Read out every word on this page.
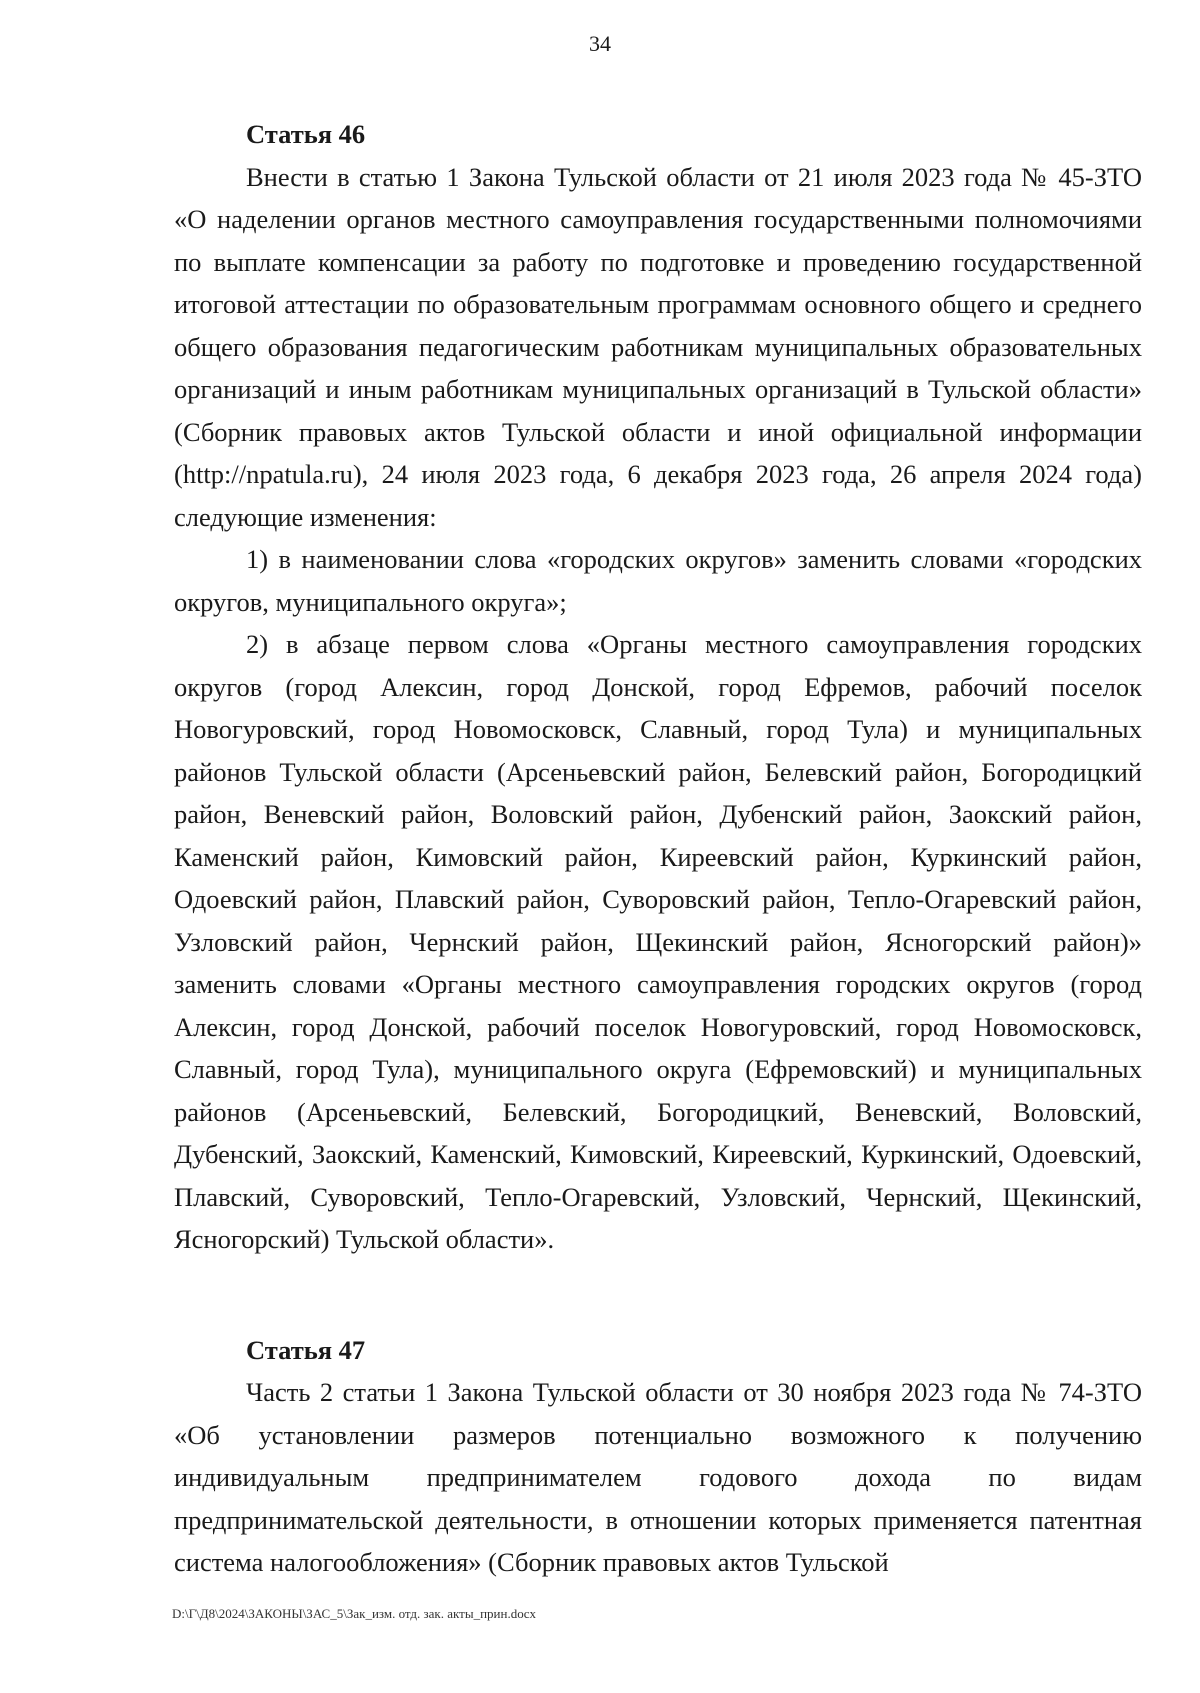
34

Статья 46

Внести в статью 1 Закона Тульской области от 21 июля 2023 года № 45-ЗТО «О наделении органов местного самоуправления государственными полномочиями по выплате компенсации за работу по подготовке и проведению государственной итоговой аттестации по образовательным программам основного общего и среднего общего образования педагогическим работникам муниципальных образовательных организаций и иным работникам муниципальных организаций в Тульской области» (Сборник правовых актов Тульской области и иной официальной информации (http://npatula.ru), 24 июля 2023 года, 6 декабря 2023 года, 26 апреля 2024 года) следующие изменения:

1) в наименовании слова «городских округов» заменить словами «городских округов, муниципального округа»;

2) в абзаце первом слова «Органы местного самоуправления городских округов (город Алексин, город Донской, город Ефремов, рабочий поселок Новогуровский, город Новомосковск, Славный, город Тула) и муниципальных районов Тульской области (Арсеньевский район, Белевский район, Богородицкий район, Веневский район, Воловский район, Дубенский район, Заокский район, Каменский район, Кимовский район, Киреевский район, Куркинский район, Одоевский район, Плавский район, Суворовский район, Тепло-Огаревский район, Узловский район, Чернский район, Щекинский район, Ясногорский район)» заменить словами «Органы местного самоуправления городских округов (город Алексин, город Донской, рабочий поселок Новогуровский, город Новомосковск, Славный, город Тула), муниципального округа (Ефремовский) и муниципальных районов (Арсеньевский, Белевский, Богородицкий, Веневский, Воловский, Дубенский, Заокский, Каменский, Кимовский, Киреевский, Куркинский, Одоевский, Плавский, Суворовский, Тепло-Огаревский, Узловский, Чернский, Щекинский, Ясногорский) Тульской области».

Статья 47

Часть 2 статьи 1 Закона Тульской области от 30 ноября 2023 года № 74-ЗТО «Об установлении размеров потенциально возможного к получению индивидуальным предпринимателем годового дохода по видам предпринимательской деятельности, в отношении которых применяется патентная система налогообложения» (Сборник правовых актов Тульской

D:\Г\Д8\2024\ЗАКОНЫ\ЗАС_5\Зак_изм. отд. зак. акты_прин.docx
